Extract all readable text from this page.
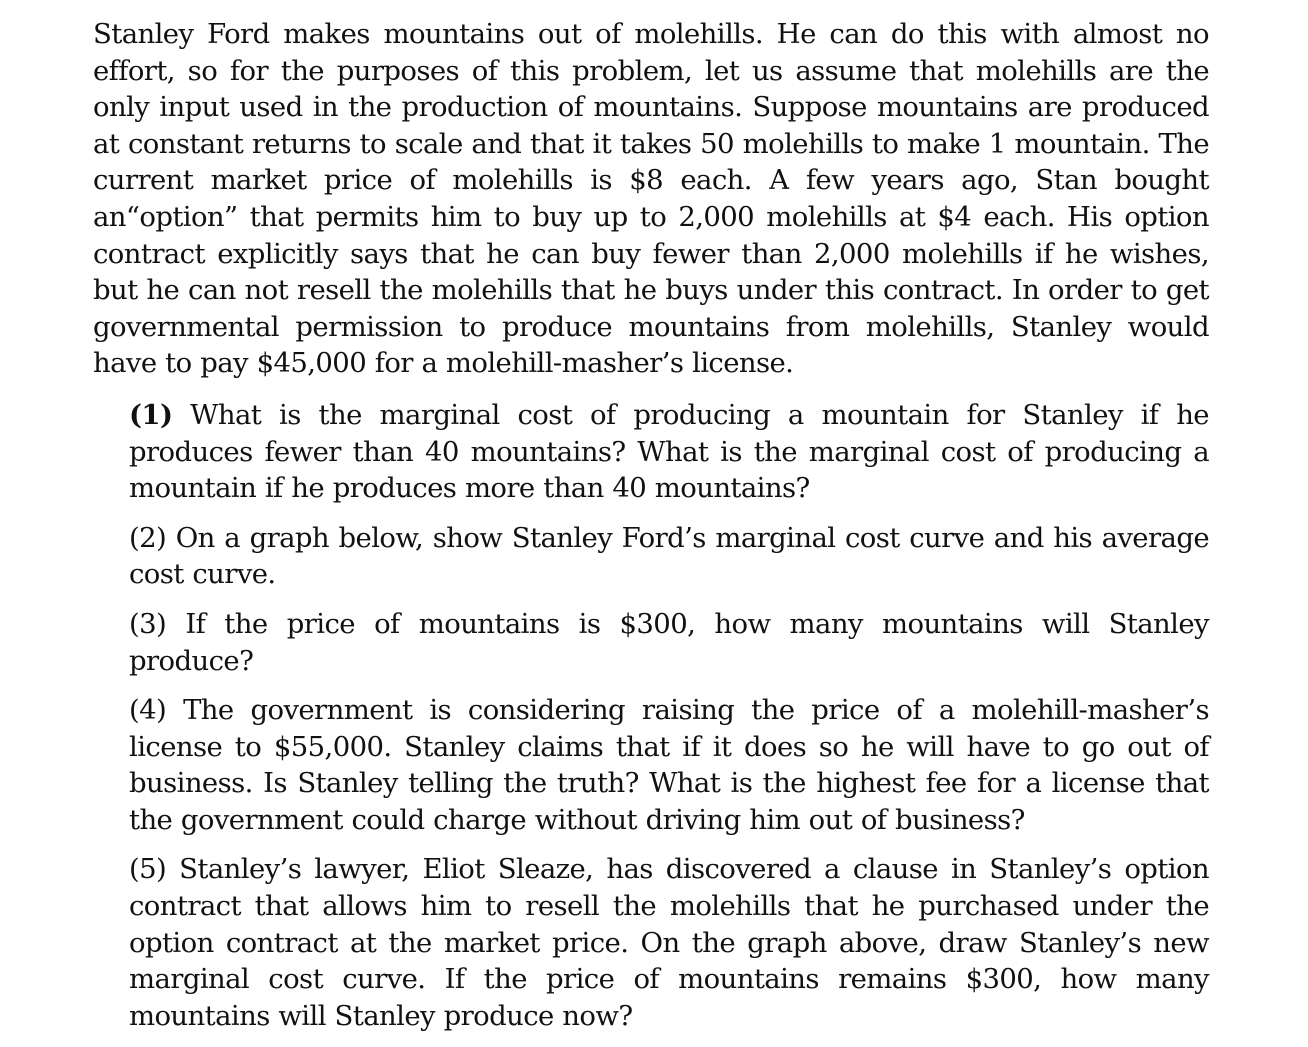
Stanley Ford makes mountains out of molehills. He can do this with almost no effort, so for the purposes of this problem, let us assume that molehills are the only input used in the production of mountains. Suppose mountains are produced at constant returns to scale and that it takes 50 molehills to make 1 mountain. The current market price of molehills is $8 each. A few years ago, Stan bought an“option” that permits him to buy up to 2,000 molehills at $4 each. His option contract explicitly says that he can buy fewer than 2,000 molehills if he wishes, but he can not resell the molehills that he buys under this contract. In order to get governmental permission to produce mountains from molehills, Stanley would have to pay $45,000 for a molehill-masher’s license.

(1) What is the marginal cost of producing a mountain for Stanley if he produces fewer than 40 mountains? What is the marginal cost of producing a mountain if he produces more than 40 mountains?
(2) On a graph below, show Stanley Ford’s marginal cost curve and his average cost curve.
(3) If the price of mountains is $300, how many mountains will Stanley produce?
(4) The government is considering raising the price of a molehill-masher’s license to $55,000. Stanley claims that if it does so he will have to go out of business. Is Stanley telling the truth? What is the highest fee for a license that the government could charge without driving him out of business?
(5) Stanley’s lawyer, Eliot Sleaze, has discovered a clause in Stanley’s option contract that allows him to resell the molehills that he purchased under the option contract at the market price. On the graph above, draw Stanley’s new marginal cost curve. If the price of mountains remains $300, how many mountains will Stanley produce now?
